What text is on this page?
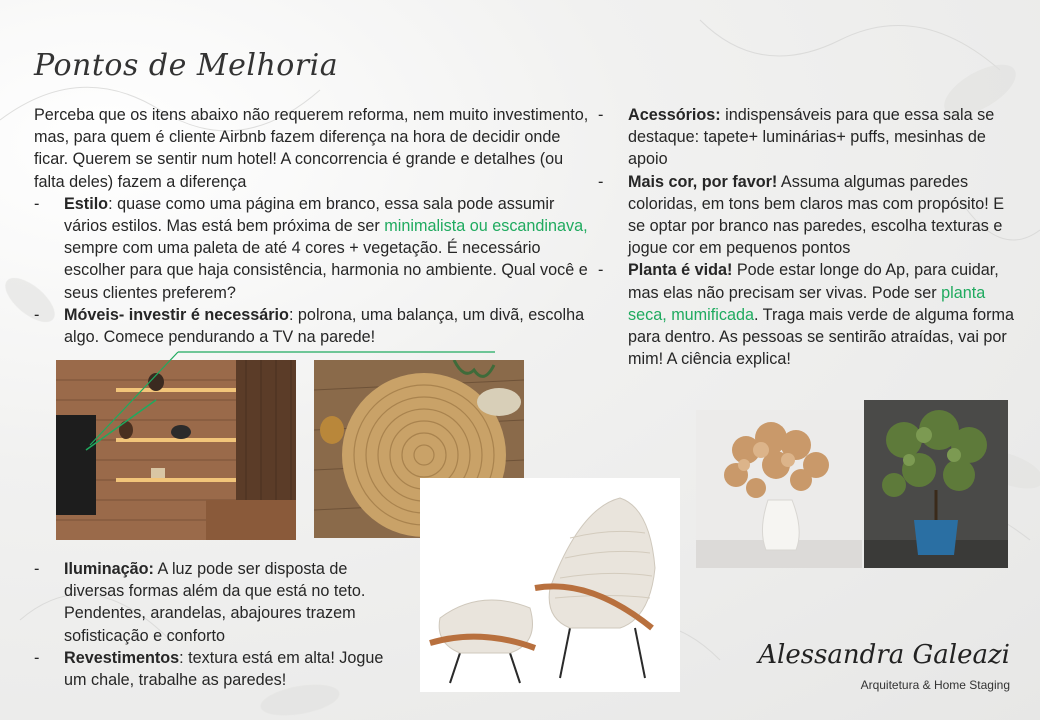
Pontos de Melhoria

Perceba que os itens abaixo não requerem reforma, nem muito investimento, mas, para quem é cliente Airbnb fazem diferença na hora de decidir onde ficar. Querem se sentir num hotel! A concorrencia é grande e detalhes (ou falta deles) fazem a diferença

- Estilo: quase como uma página em branco, essa sala pode assumir vários estilos. Mas está bem próxima de ser minimalista ou escandinava, sempre com uma paleta de até 4 cores + vegetação. É necessário escolher para que haja consistência, harmonia no ambiente. Qual você e seus clientes preferem?
- Móveis- investir é necessário: polrona, uma balança, um divã, escolha algo. Comece pendurando a TV na parede!
- Acessórios: indispensáveis para que essa sala se destaque: tapete+ luminárias+ puffs, mesinhas de apoio
- Mais cor, por favor! Assuma algumas paredes coloridas, em tons bem claros mas com propósito! E se optar por branco nas paredes, escolha texturas e jogue cor em pequenos pontos
- Planta é vida! Pode estar longe do Ap, para cuidar, mas elas não precisam ser vivas. Pode ser planta seca, mumificada. Traga mais verde de alguma forma para dentro. As pessoas se sentirão atraídas, vai por mim! A ciência explica!
- Iluminação: A luz pode ser disposta de diversas formas além da que está no teto. Pendentes, arandelas, abajoures trazem sofisticação e conforto
- Revestimentos: textura está em alta! Jogue um chale, trabalhe as paredes!
Alessandra Galeazi
Arquitetura & Home Staging
